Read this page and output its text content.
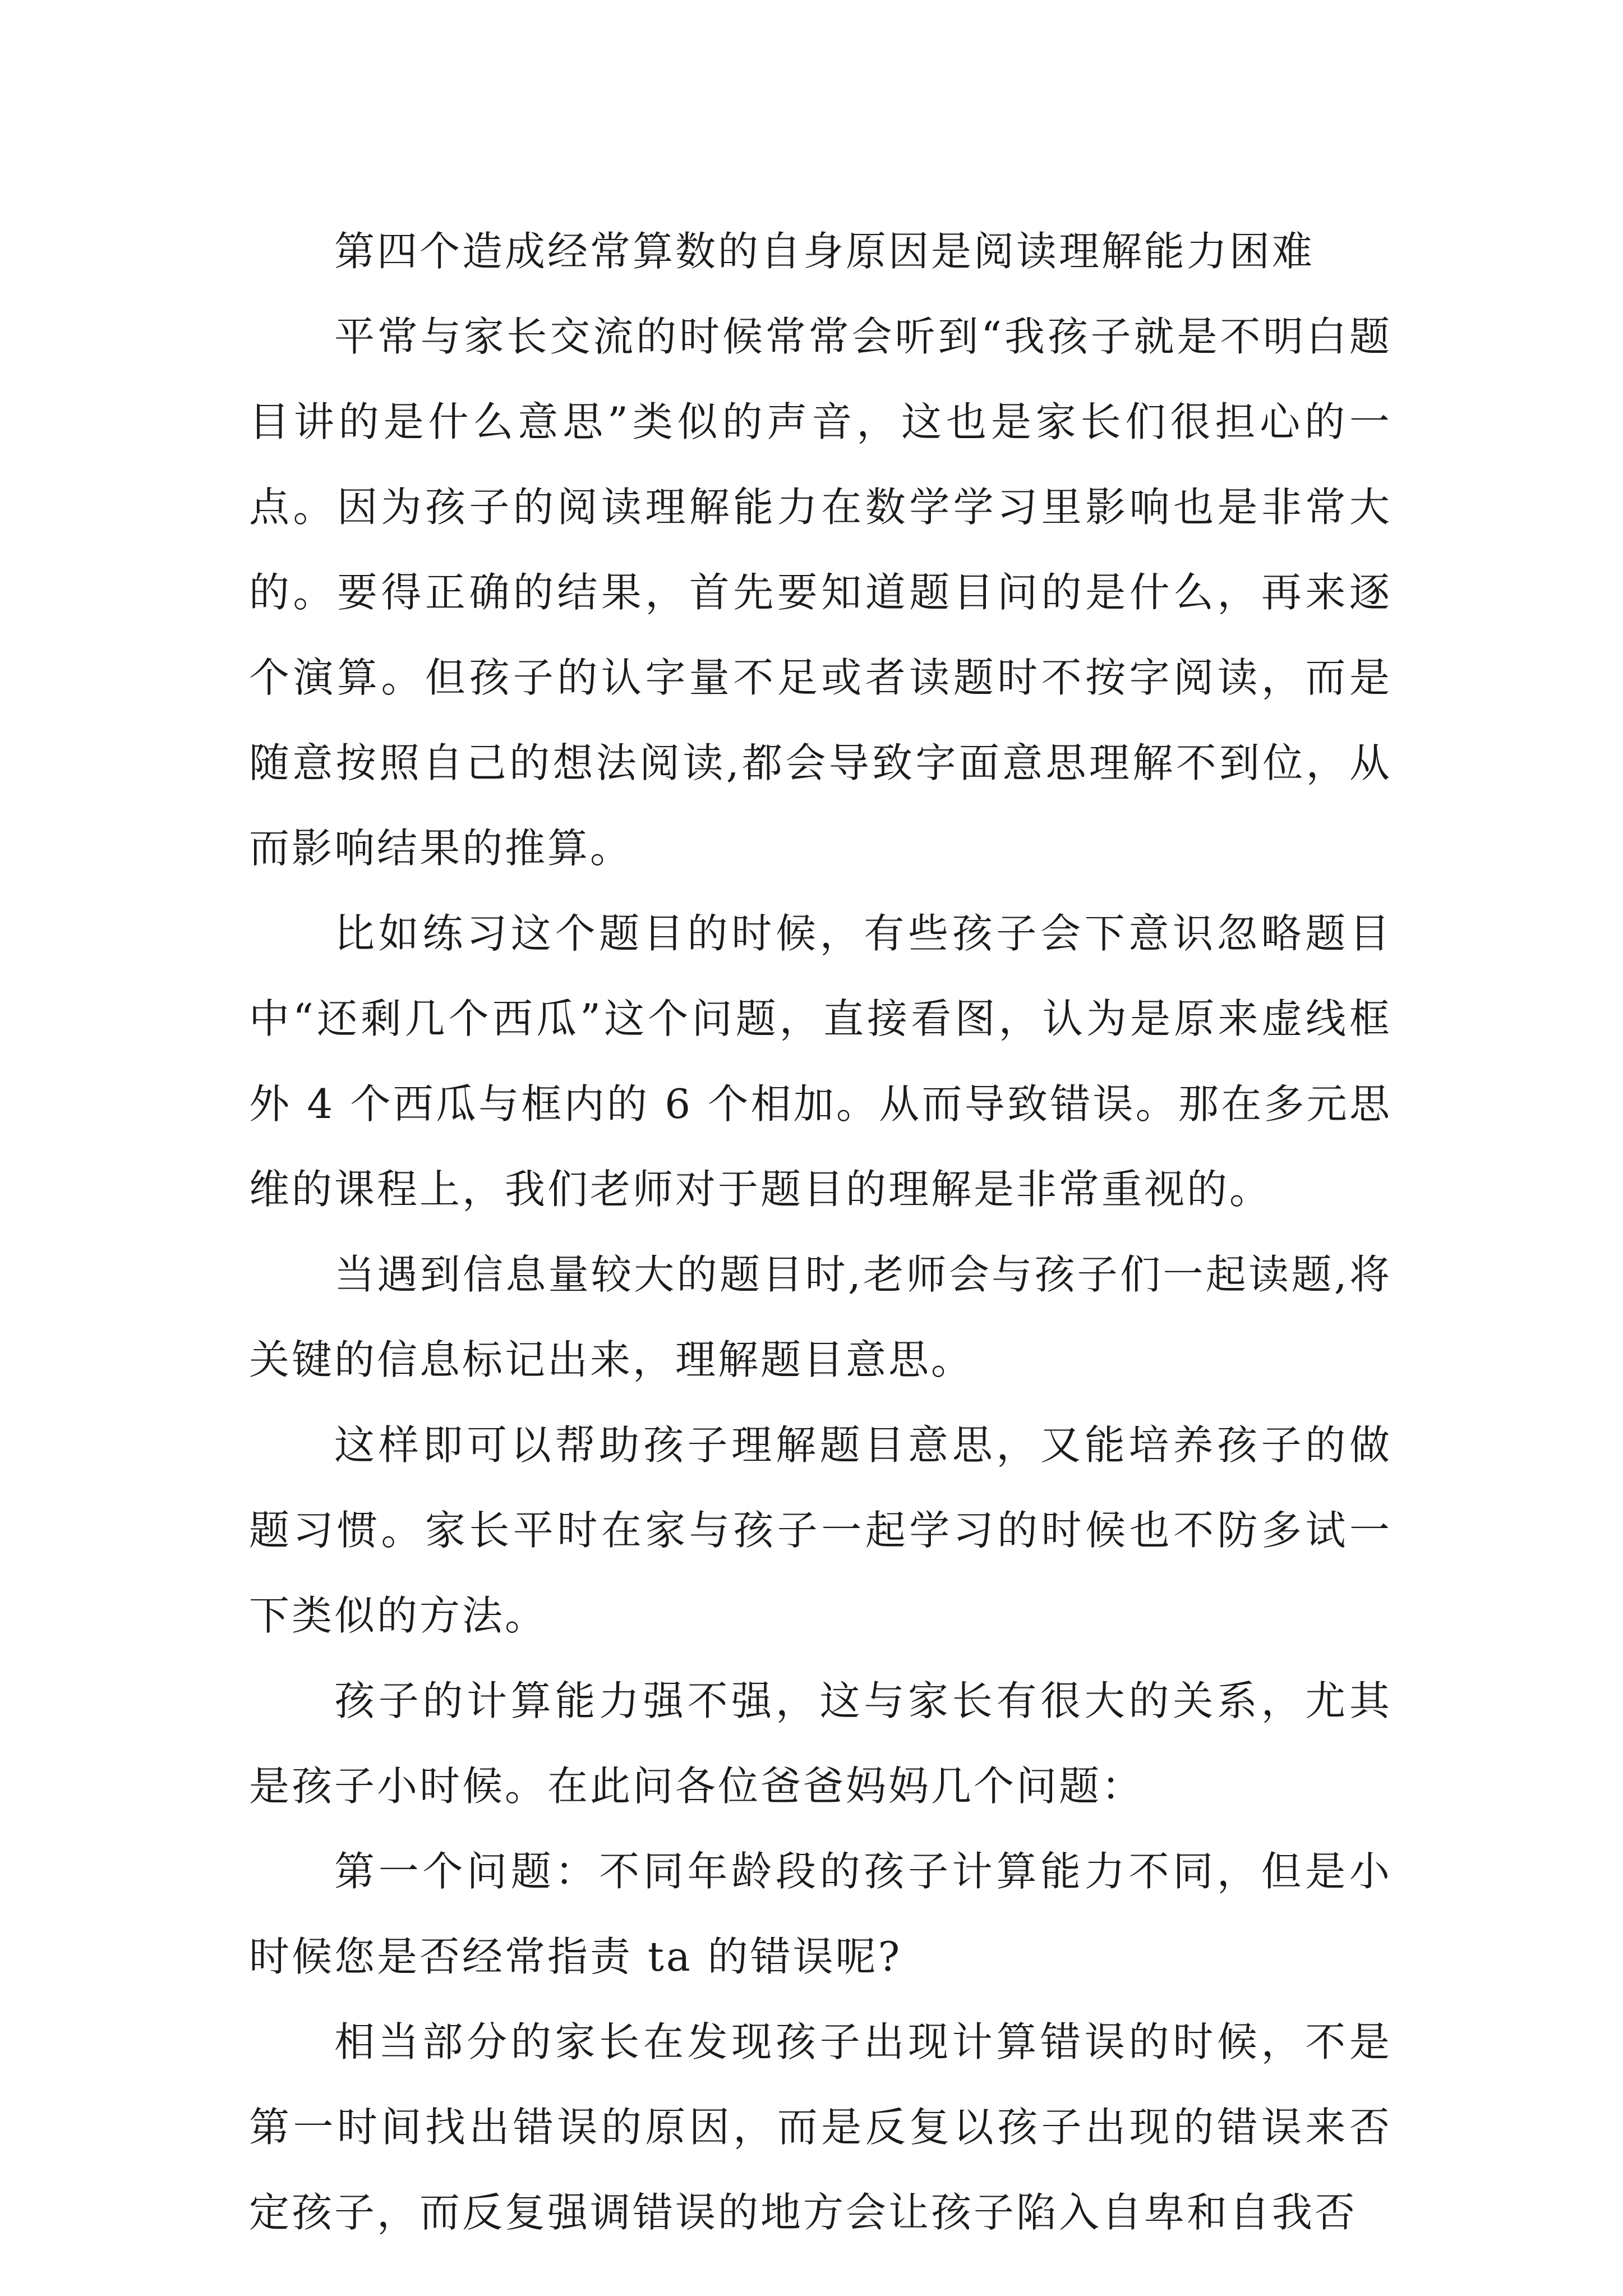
第四个造成经常算数的自身原因是阅读理解能力困难

平常与家长交流的时候常常会听到“我孩子就是不明白题目讲的是什么意思”类似的声音，这也是家长们很担心的一点。因为孩子的阅读理解能力在数学学习里影响也是非常大的。要得正确的结果，首先要知道题目问的是什么，再来逐个演算。但孩子的认字量不足或者读题时不按字阅读，而是随意按照自己的想法阅读,都会导致字面意思理解不到位，从而影响结果的推算。

比如练习这个题目的时候，有些孩子会下意识忽略题目中“还剩几个西瓜”这个问题，直接看图，认为是原来虚线框外 4 个西瓜与框内的 6 个相加。从而导致错误。那在多元思维的课程上，我们老师对于题目的理解是非常重视的。

当遇到信息量较大的题目时,老师会与孩子们一起读题,将关键的信息标记出来，理解题目意思。

这样即可以帮助孩子理解题目意思，又能培养孩子的做题习惯。家长平时在家与孩子一起学习的时候也不防多试一下类似的方法。

孩子的计算能力强不强，这与家长有很大的关系，尤其是孩子小时候。在此问各位爸爸妈妈几个问题：

第一个问题：不同年龄段的孩子计算能力不同，但是小时候您是否经常指责 ta 的错误呢?

相当部分的家长在发现孩子出现计算错误的时候，不是第一时间找出错误的原因，而是反复以孩子出现的错误来否定孩子，而反复强调错误的地方会让孩子陷入自卑和自我否
